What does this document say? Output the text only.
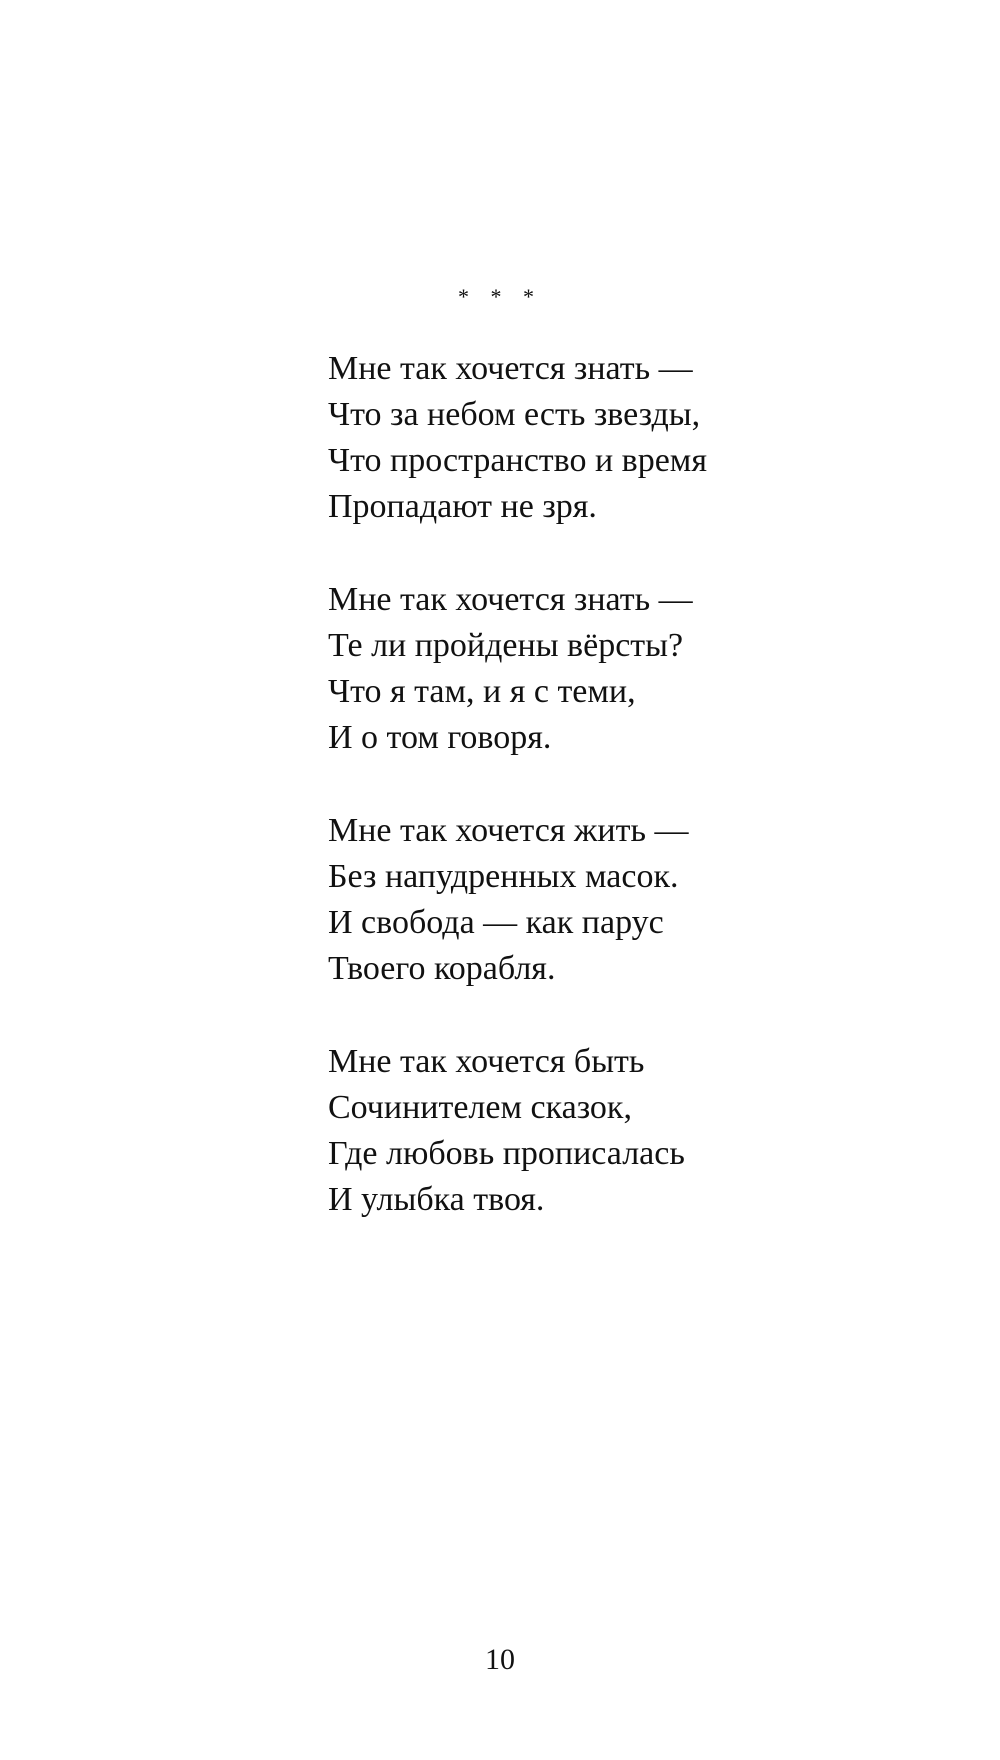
* * *
Мне так хочется знать —
Что за небом есть звезды,
Что пространство и время
Пропадают не зря.
Мне так хочется знать —
Те ли пройдены вёрсты?
Что я там, и я с теми,
И о том говоря.
Мне так хочется жить —
Без напудренных масок.
И свобода — как парус
Твоего корабля.
Мне так хочется быть
Сочинителем сказок,
Где любовь прописалась
И улыбка твоя.
10
